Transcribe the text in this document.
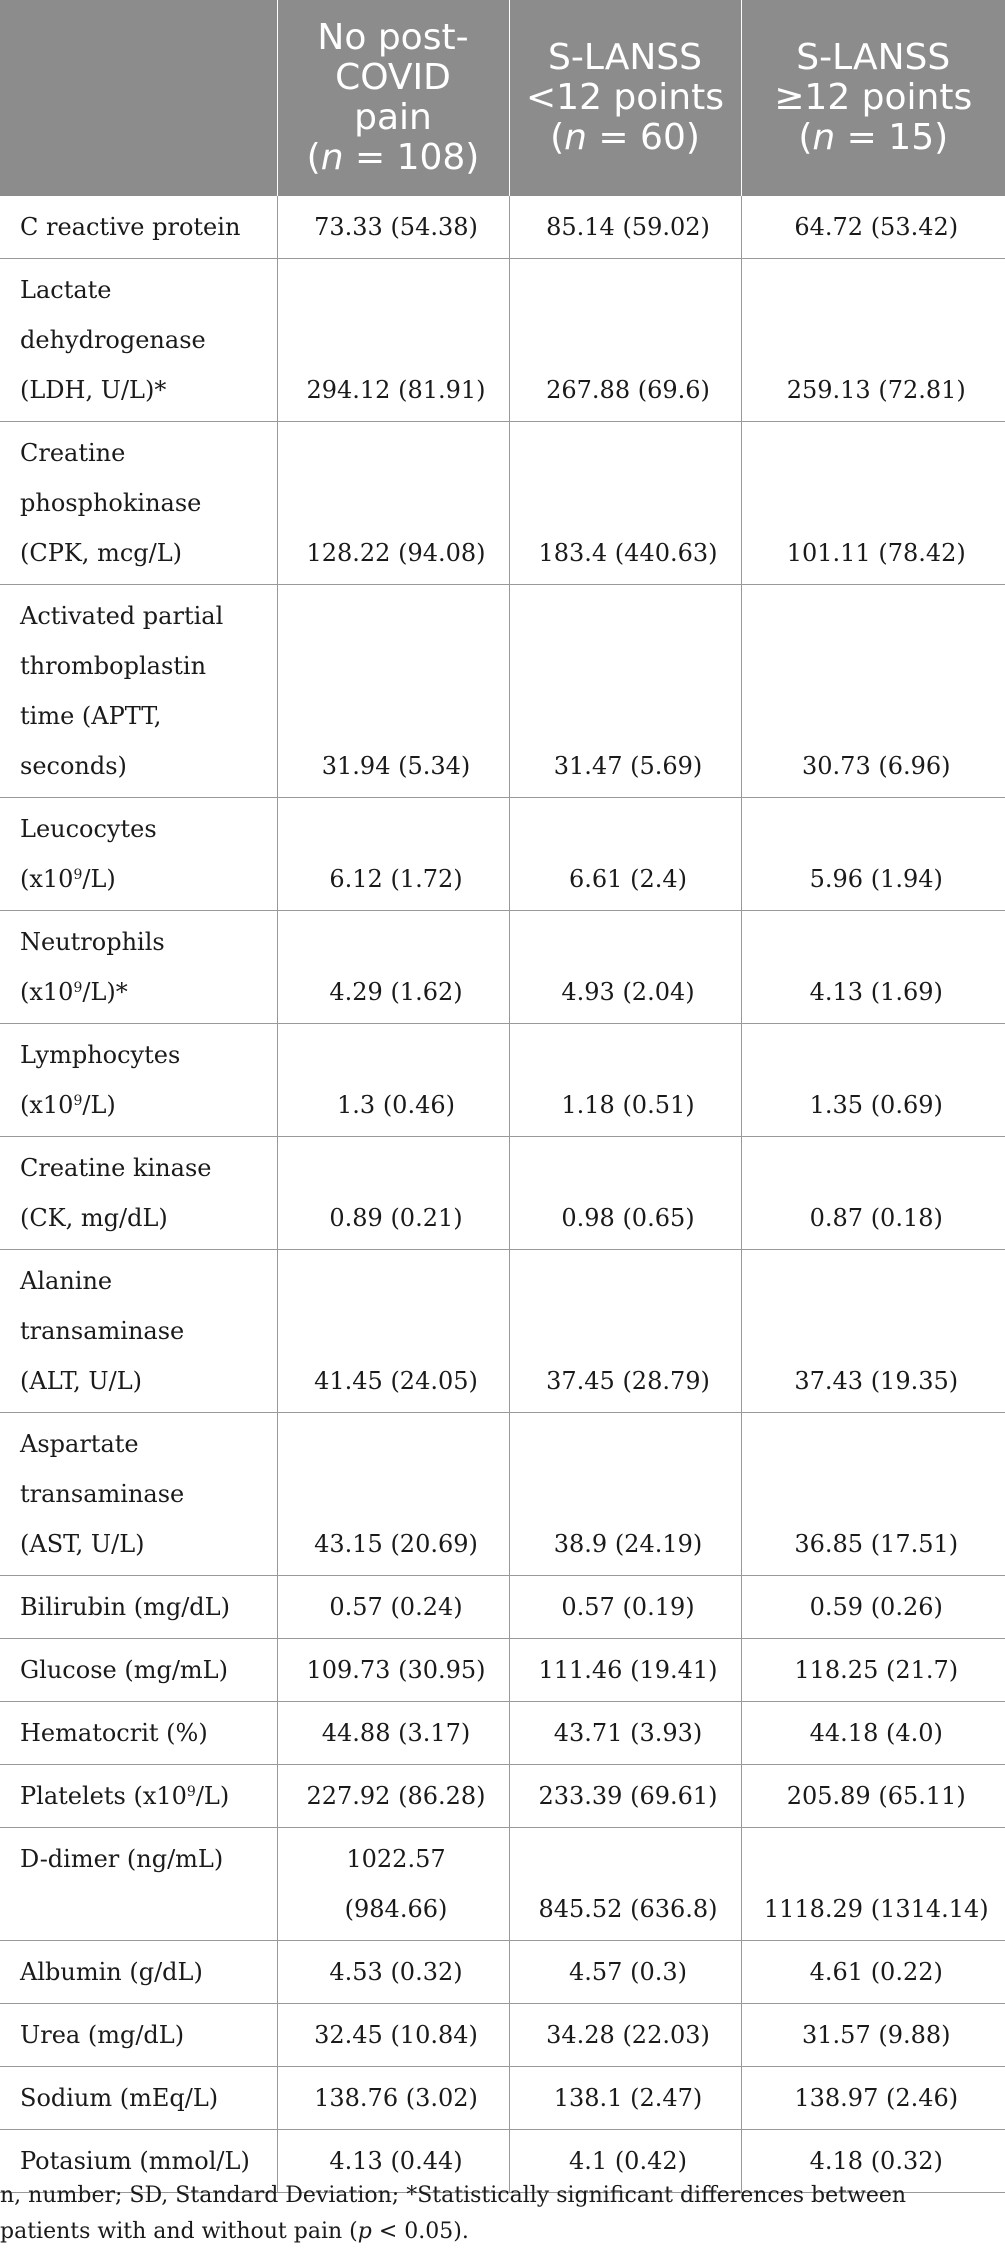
	No post-
COVID
pain
(n = 108)	S-LANSS
<12 points
(n = 60)	S-LANSS
≥12 points
(n = 15)

C reactive protein	73.33 (54.38)	85.14 (59.02)	64.72 (53.42)
Lactate dehydrogenase (LDH, U/L)*	294.12 (81.91)	267.88 (69.6)	259.13 (72.81)
Creatine phosphokinase (CPK, mcg/L)	128.22 (94.08)	183.4 (440.63)	101.11 (78.42)
Activated partial thromboplastin time (APTT, seconds)	31.94 (5.34)	31.47 (5.69)	30.73 (6.96)
Leucocytes $(x10^9/L)$	6.12 (1.72)	6.61 (2.4)	5.96 (1.94)
Neutrophils $(x10^9/L)*$	4.29 (1.62)	4.93 (2.04)	4.13 (1.69)
Lymphocytes $(x10^9/L)$	1.3 (0.46)	1.18 (0.51)	1.35 (0.69)
Creatine kinase (CK, mg/dL)	0.89 (0.21)	0.98 (0.65)	0.87 (0.18)
Alanine transaminase (ALT, U/L)	41.45 (24.05)	37.45 (28.79)	37.43 (19.35)
Aspartate transaminase (AST, U/L)	43.15 (20.69)	38.9 (24.19)	36.85 (17.51)
Bilirubin (mg/dL)	0.57 (0.24)	0.57 (0.19)	0.59 (0.26)
Glucose (mg/mL)	109.73 (30.95)	111.46 (19.41)	118.25 (21.7)
Hematocrit (%)	44.88 (3.17)	43.71 (3.93)	44.18 (4.0)
Platelets $(x10^9/L)$	227.92 (86.28)	233.39 (69.61)	205.89 (65.11)
D-dimer (ng/mL)	1022.57 (984.66)	845.52 (636.8)	1118.29 (1314.14)
Albumin (g/dL)	4.53 (0.32)	4.57 (0.3)	4.61 (0.22)
Urea (mg/dL)	32.45 (10.84)	34.28 (22.03)	31.57 (9.88)
Sodium (mEq/L)	138.76 (3.02)	138.1 (2.47)	138.97 (2.46)
Potasium (mmol/L)	4.13 (0.44)	4.1 (0.42)	4.18 (0.32)
n, number; SD, Standard Deviation; *Statistically significant differences between patients with and without pain (p < 0.05).
